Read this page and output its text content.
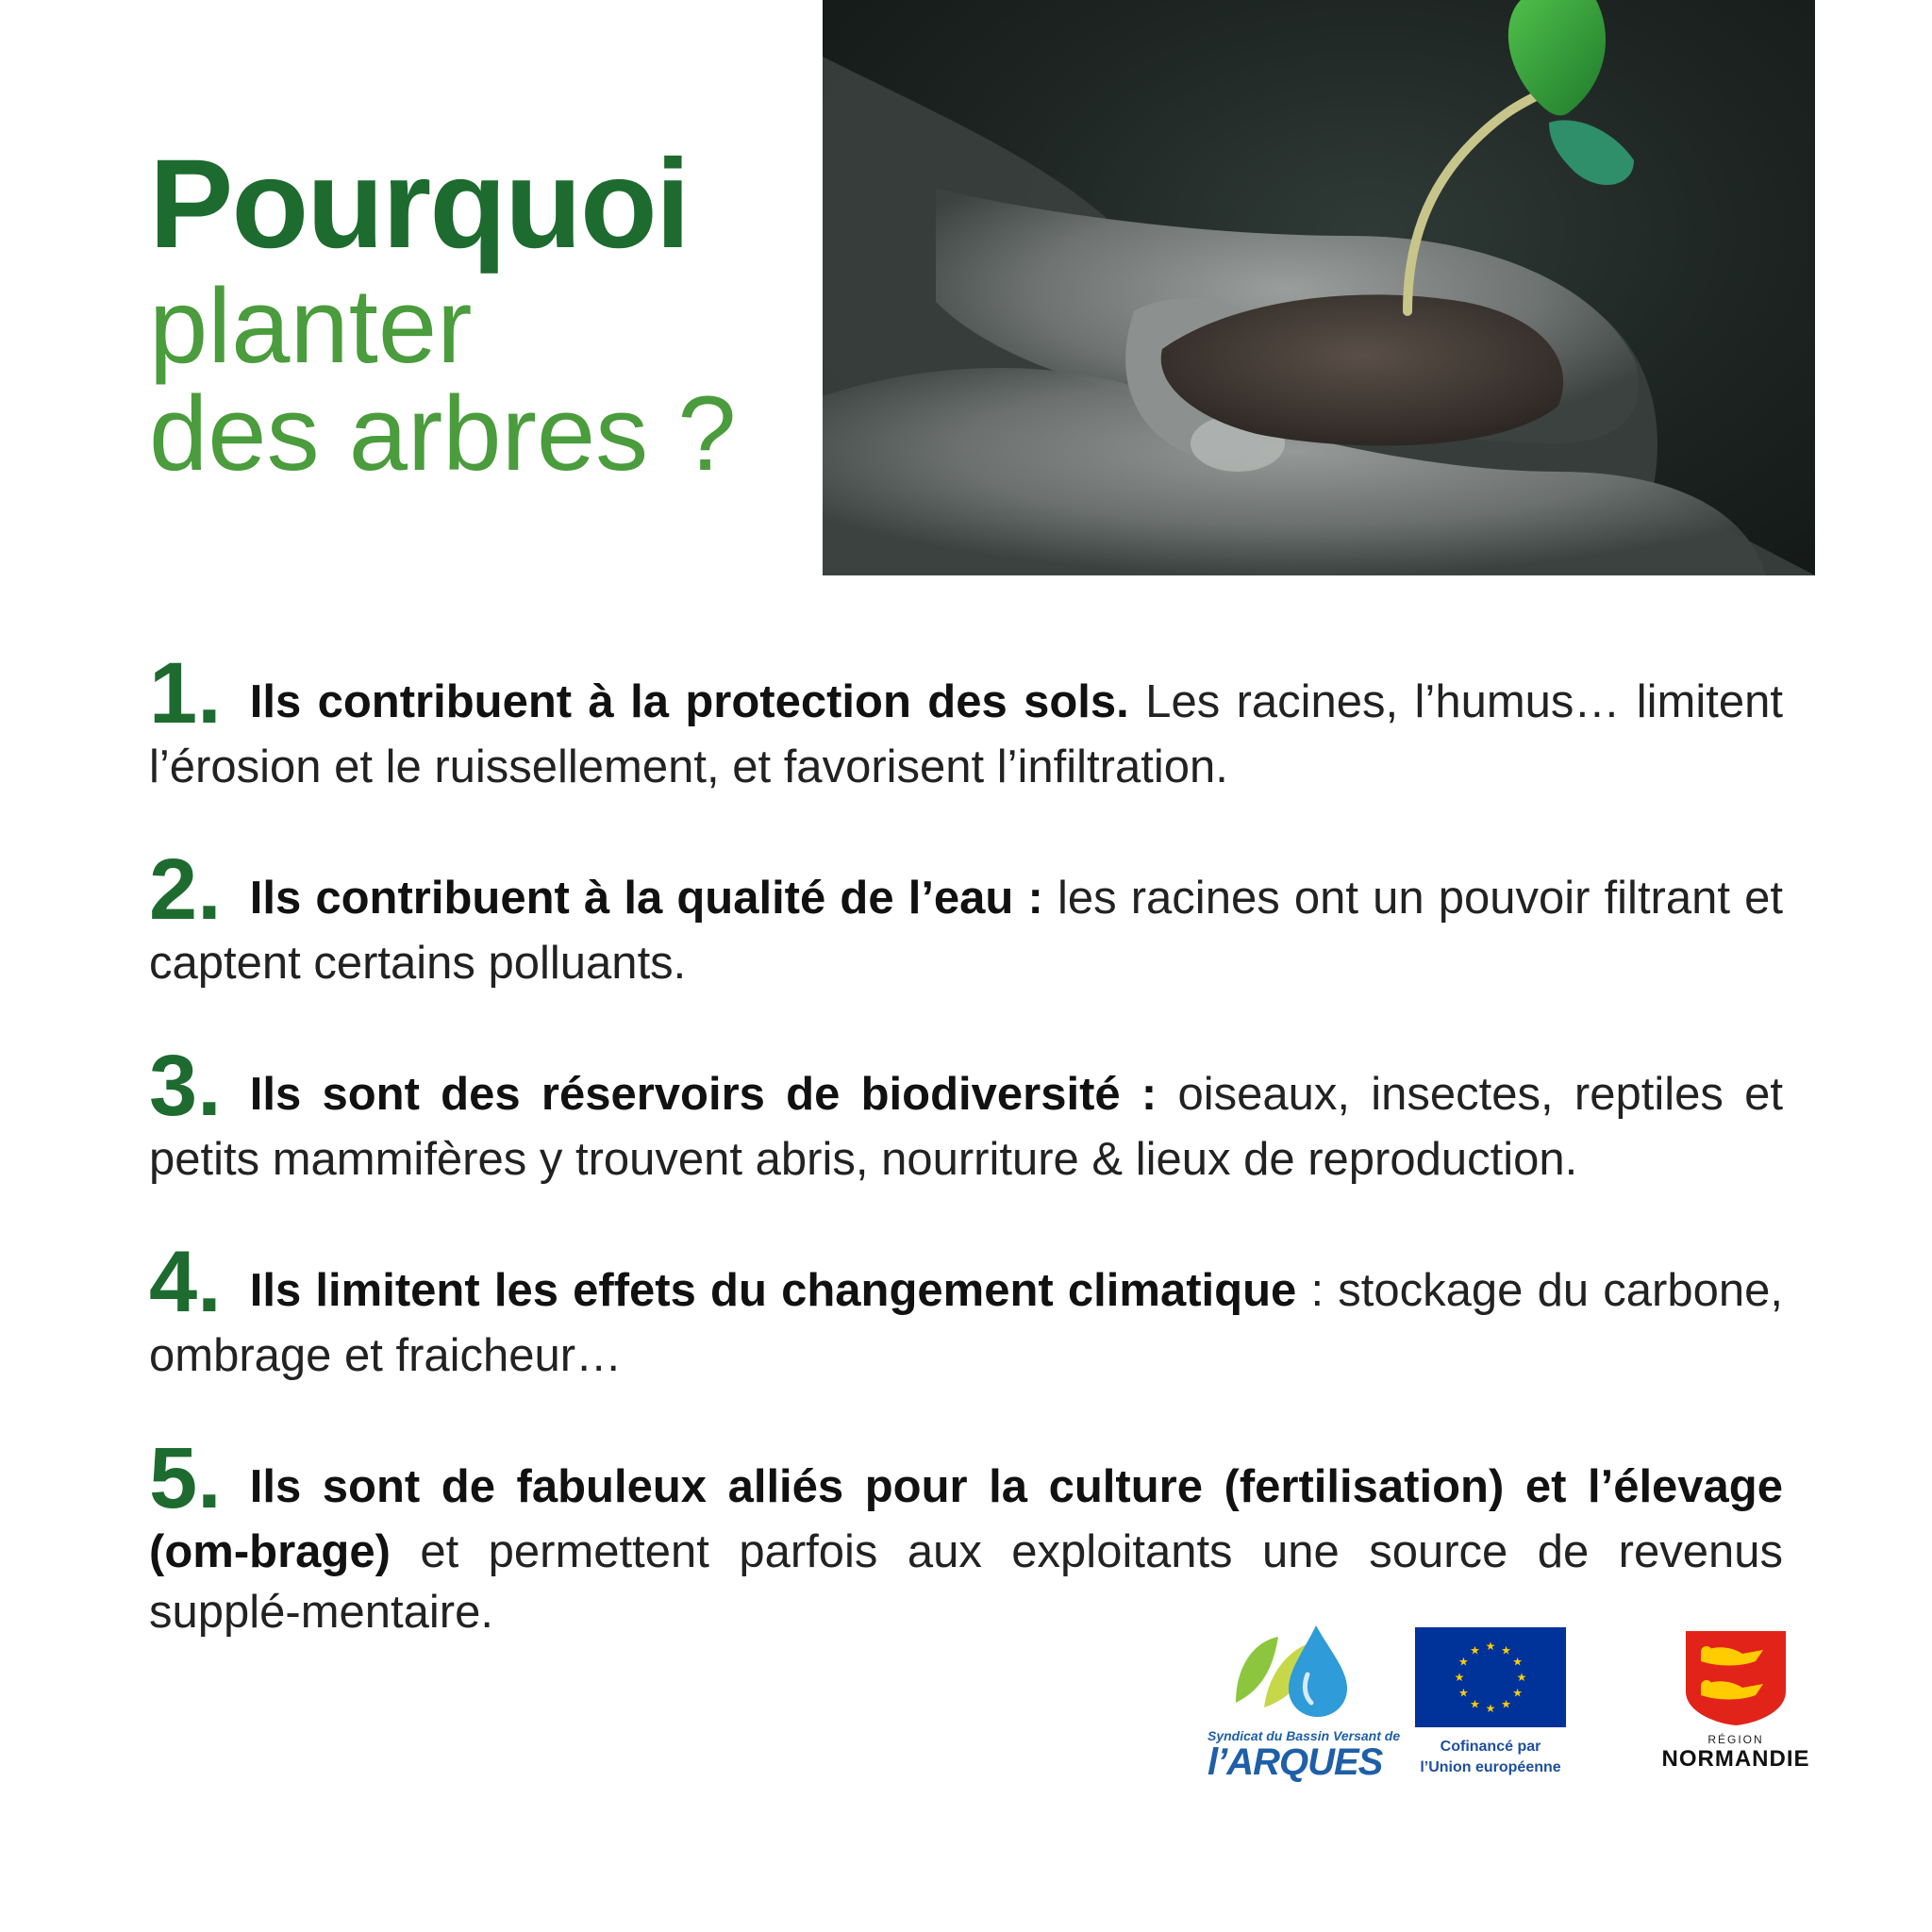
Pourquoi
planter
des arbres ?

1. Ils contribuent à la protection des sols. Les racines, l’humus… limitent l’érosion et le ruissellement, et favorisent l’infiltration.

2. Ils contribuent à la qualité de l’eau : les racines ont un pouvoir filtrant et captent certains polluants.

3. Ils sont des réservoirs de biodiversité : oiseaux, insectes, reptiles et petits mammifères y trouvent abris, nourriture & lieux de reproduction.

4. Ils limitent les effets du changement climatique : stockage du carbone, ombrage et fraicheur…

5. Ils sont de fabuleux alliés pour la culture (fertilisation) et l’élevage (om-brage) et permettent parfois aux exploitants une source de revenus supplé-mentaire.

Syndicat du Bassin Versant de
l’ARQUES
★ ★
★
★
★
★
★
★
★
★
★
★
Cofinancé par
l’Union européenne
RÉGION
NORMANDIE
